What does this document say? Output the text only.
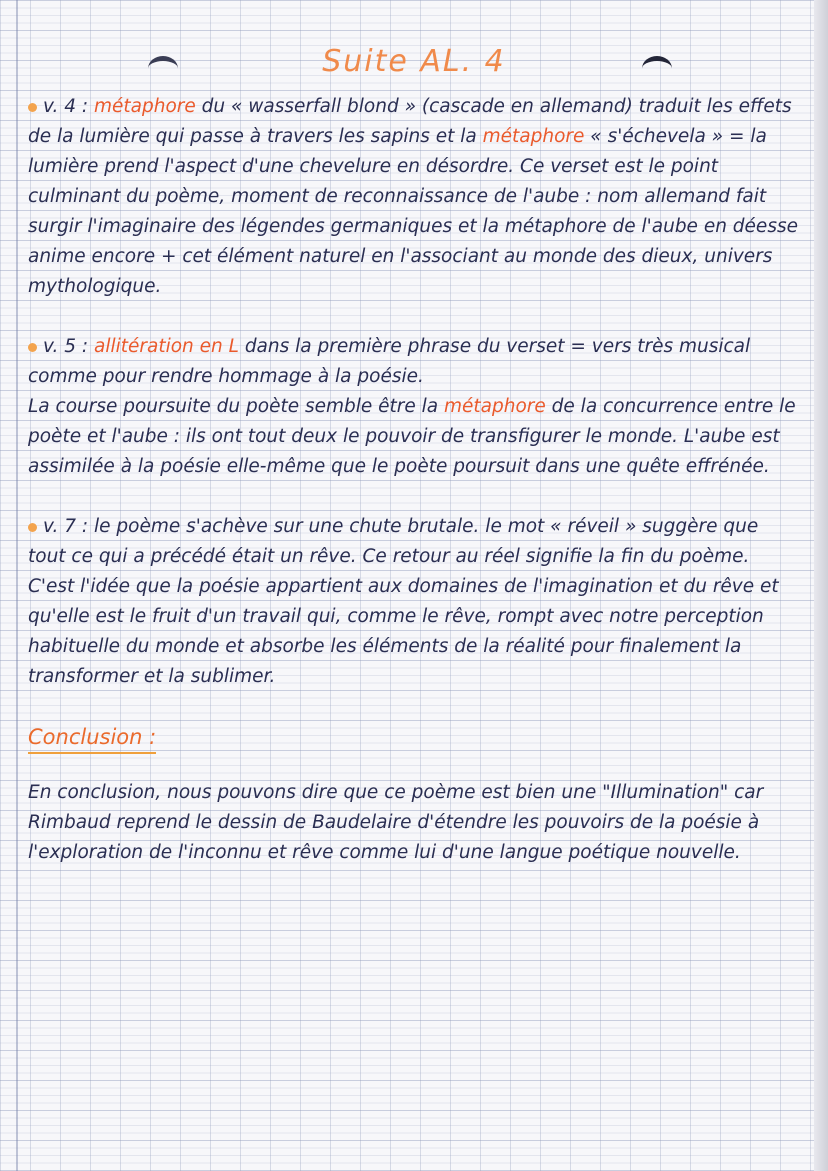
Suite AL. 4

v. 4 : métaphore du « wasserfall blond » (cascade en allemand) traduit les effets de la lumière qui passe à travers les sapins et la métaphore « s'échevela » = la lumière prend l'aspect d'une chevelure en désordre. Ce verset est le point culminant du poème, moment de reconnaissance de l'aube : nom allemand fait surgir l'imaginaire des légendes germaniques et la métaphore de l'aube en déesse anime encore + cet élément naturel en l'associant au monde des dieux, univers mythologique.

v. 5 : allitération en L dans la première phrase du verset = vers très musical comme pour rendre hommage à la poésie.
La course poursuite du poète semble être la métaphore de la concurrence entre le poète et l'aube : ils ont tout deux le pouvoir de transfigurer le monde. L'aube est assimilée à la poésie elle-même que le poète poursuit dans une quête effrénée.

v. 7 : le poème s'achève sur une chute brutale. le mot « réveil » suggère que tout ce qui a précédé était un rêve. Ce retour au réel signifie la fin du poème. C'est l'idée que la poésie appartient aux domaines de l'imagination et du rêve et qu'elle est le fruit d'un travail qui, comme le rêve, rompt avec notre perception habituelle du monde et absorbe les éléments de la réalité pour finalement la transformer et la sublimer.

Conclusion :

En conclusion, nous pouvons dire que ce poème est bien une "Illumination" car Rimbaud reprend le dessin de Baudelaire d'étendre les pouvoirs de la poésie à l'exploration de l'inconnu et rêve comme lui d'une langue poétique nouvelle.
